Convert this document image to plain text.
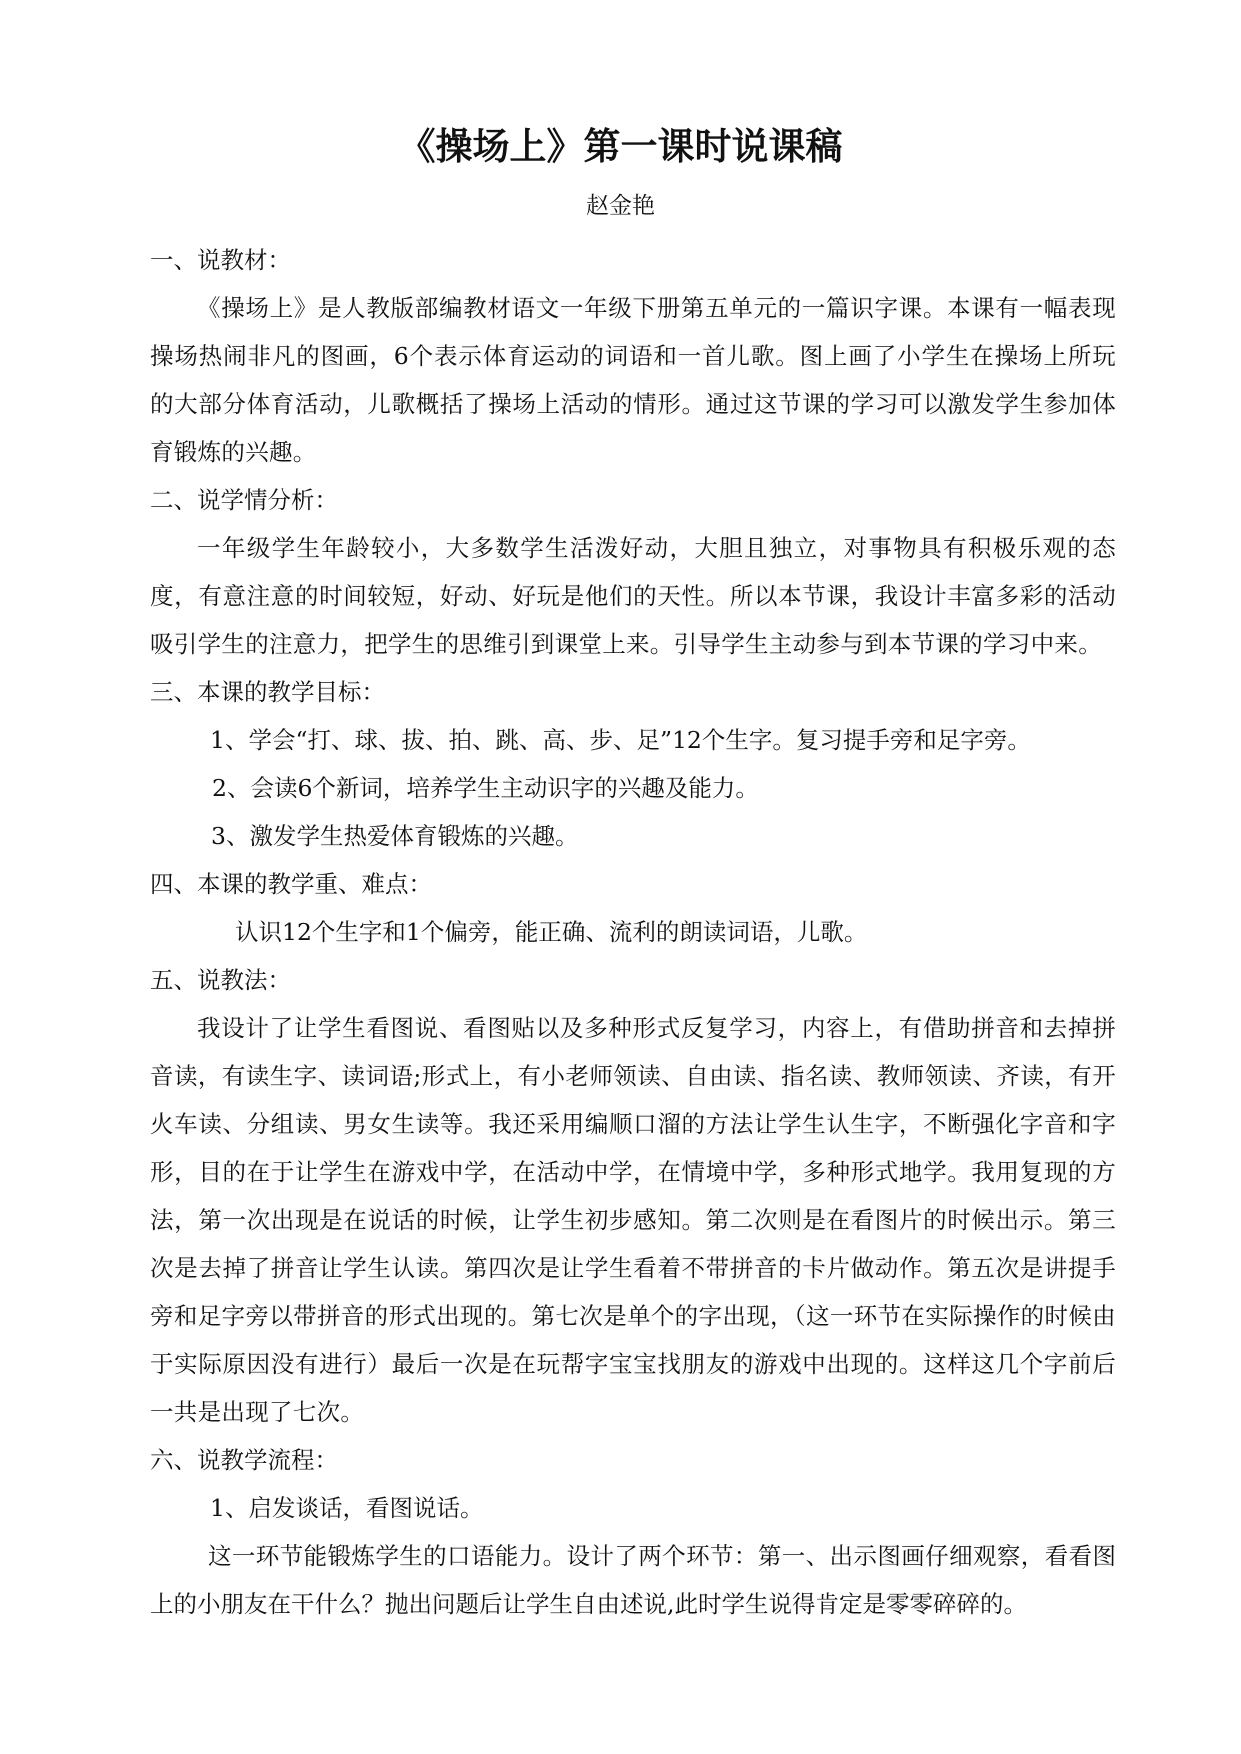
《操场上》第一课时说课稿
赵金艳
一、说教材：

《操场上》是人教版部编教材语文一年级下册第五单元的一篇识字课。本课有一幅表现操场热闹非凡的图画，6个表示体育运动的词语和一首儿歌。图上画了小学生在操场上所玩的大部分体育活动，儿歌概括了操场上活动的情形。通过这节课的学习可以激发学生参加体育锻炼的兴趣。

二、说学情分析：

一年级学生年龄较小，大多数学生活泼好动，大胆且独立，对事物具有积极乐观的态度，有意注意的时间较短，好动、好玩是他们的天性。所以本节课，我设计丰富多彩的活动吸引学生的注意力，把学生的思维引到课堂上来。引导学生主动参与到本节课的学习中来。

三、本课的教学目标：
1、学会“打、球、拔、拍、跳、高、步、足”12个生字。复习提手旁和足字旁。
2、会读6个新词，培养学生主动识字的兴趣及能力。
3、激发学生热爱体育锻炼的兴趣。
四、本课的教学重、难点：
认识12个生字和1个偏旁，能正确、流利的朗读词语，儿歌。
五、说教法：

我设计了让学生看图说、看图贴以及多种形式反复学习，内容上，有借助拼音和去掉拼音读，有读生字、读词语;形式上，有小老师领读、自由读、指名读、教师领读、齐读，有开火车读、分组读、男女生读等。我还采用编顺口溜的方法让学生认生字，不断强化字音和字形，目的在于让学生在游戏中学，在活动中学，在情境中学，多种形式地学。我用复现的方法，第一次出现是在说话的时候，让学生初步感知。第二次则是在看图片的时候出示。第三次是去掉了拼音让学生认读。第四次是让学生看着不带拼音的卡片做动作。第五次是讲提手旁和足字旁以带拼音的形式出现的。第七次是单个的字出现，（这一环节在实际操作的时候由于实际原因没有进行）最后一次是在玩帮字宝宝找朋友的游戏中出现的。这样这几个字前后一共是出现了七次。

六、说教学流程：
1、启发谈话，看图说话。

这一环节能锻炼学生的口语能力。设计了两个环节：第一、出示图画仔细观察，看看图上的小朋友在干什么？抛出问题后让学生自由述说,此时学生说得肯定是零零碎碎的。
